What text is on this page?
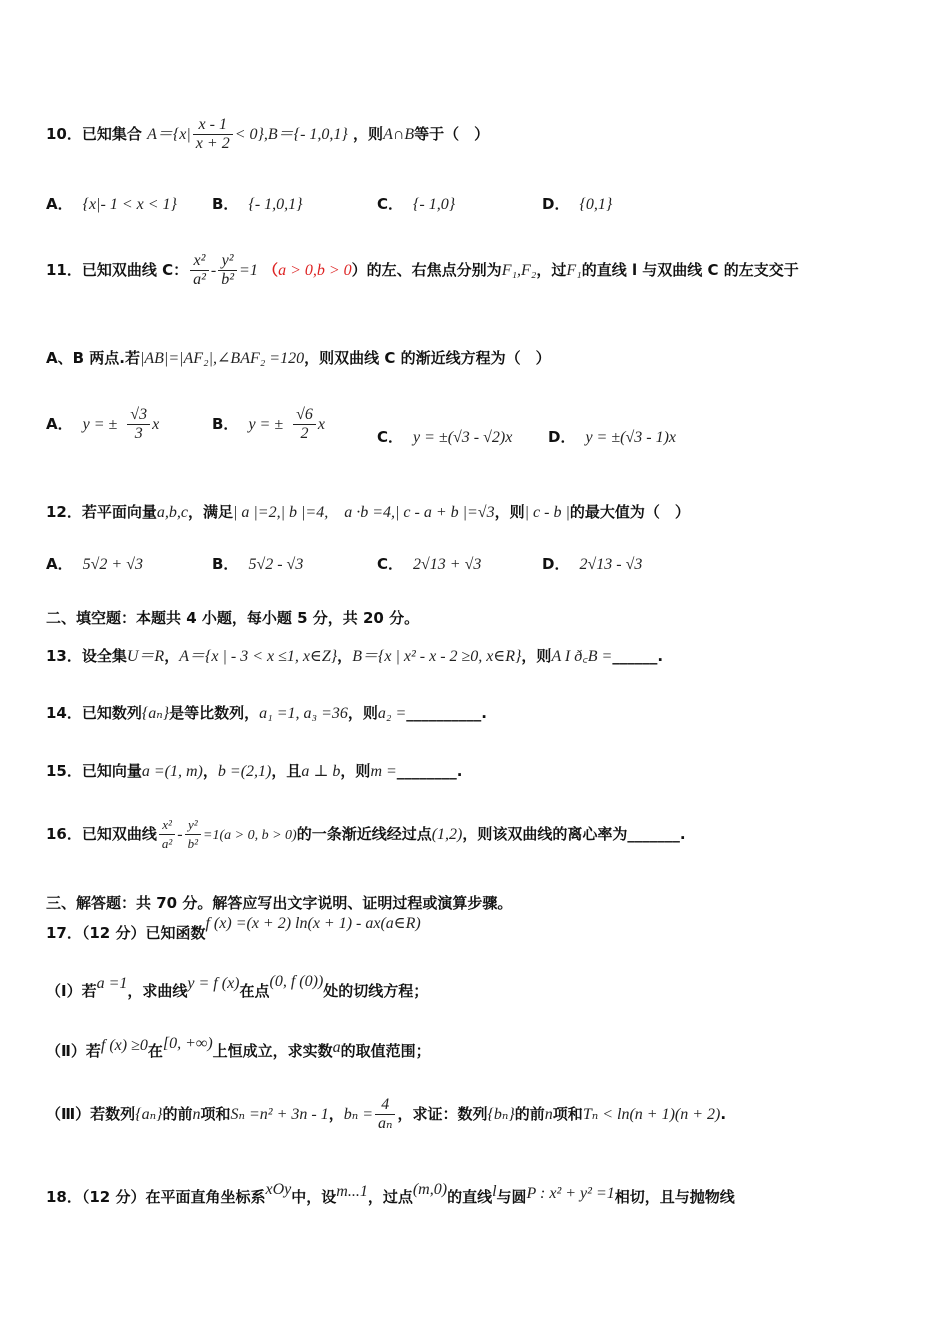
10．已知集合 $A=\{x| \frac{x - 1}{x + 2} < 0\},B=\{-$ 1,0,1} ，则A∩B等于（　）
A． {x|- 1 < x < 1} B． {- 1,0,1}	C． {- 1,0}	D． {0,1}
11．已知双曲线 C： $\frac{\text{x²}}{\text{a²}} - \frac{\text{y²}}{\text{b²}} =1$ （a > 0,b > 0）的左、右焦点分别为F₁,F₂，过F₁的直线 l 与双曲线 C 的左支交于
A、B 两点.若|AB|=|AF₂|,∠BAF₂ =120，则双曲线 C 的渐近线方程为（　）
A． y = ± $\frac{√3}{3}$ x	B． y = ± $\frac{√6}{2}$ x
C． y = ±(√3 - √2)x D． y = ±(√3 - 1)x
12．若平面向量a,b,c，满足| a |=2,| b |=4,　a ·b =4,| c - a + b |=√3，则| c - b |的最大值为（　）
A． 5√2 + √3	B． 5√2 - √3	C． 2√13 + √3	D． 2√13 - √3
二、填空题：本题共 4 小题，每小题 5 分，共 20 分。
13．设全集U＝R，A＝{x | - 3 < x ≤1, x∈Z}，B＝{x | x² - x - 2 ≥0, x∈R}，则A I ð꜀B =______.
14．已知数列{aₙ}是等比数列，a₁ =1, a₃ =36，则a₂ =__________.
15．已知向量a =(1, m)，b =(2,1)，且a ⊥ b，则m =________.
16．已知双曲线 $\frac{\text{x²}}{\text{a²}} - \frac{\text{y²}}{\text{b²}} =1(a > 0$, b > 0)的一条渐近线经过点(1,2)，则该双曲线的离心率为_______.
三、解答题：共 70 分。解答应写出文字说明、证明过程或演算步骤。
17．（12 分）已知函数f (x) =(x + 2) ln(x + 1) - ax(a∈R)
（Ⅰ）若a =1，求曲线y = f (x)在点(0, f (0))处的切线方程；
（Ⅱ）若f (x) ≥0在[0, +∞)上恒成立，求实数a的取值范围；
（Ⅲ）若数列{aₙ}的前n项和Sₙ =n² + 3n - 1，$b_n = \frac{4}{\text{aₙ}}$ ，求证：数列{bₙ}的前n项和Tₙ < ln(n + 1)(n + 2).
18．（12 分）在平面直角坐标系xOy中，设m...1，过点(m,0)的直线l与圆P : x² + y² =1相切，且与抛物线
